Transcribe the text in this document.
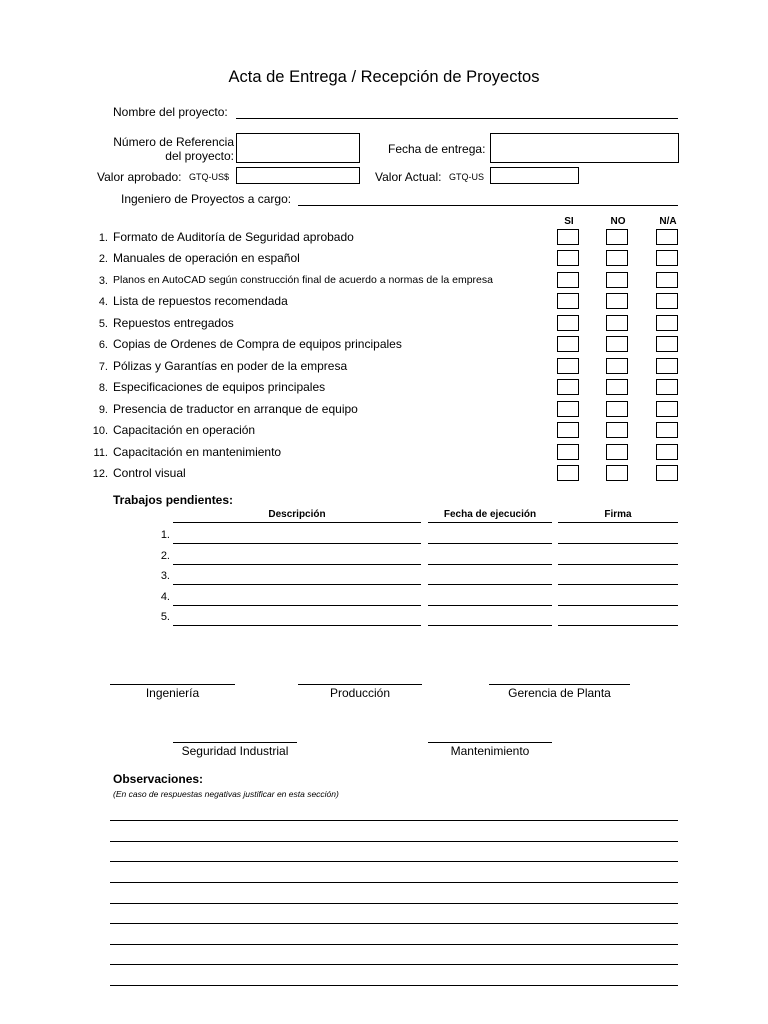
Acta de Entrega / Recepción de Proyectos
Nombre del proyecto:
Número de Referencia
del proyecto:	Fecha de entrega:
Valor aprobado: GTQ-US$	Valor Actual: GTQ-US
Ingeniero de Proyectos a cargo:
SI	NO	N/A
1. Formato de Auditoría de Seguridad aprobado
2. Manuales de operación en español
3. Planos en AutoCAD según construcción final de acuerdo a normas de la empresa
4. Lista de repuestos recomendada
5. Repuestos entregados
6. Copias de Ordenes de Compra de equipos principales
7. Pólizas y Garantías en poder de la empresa
8. Especificaciones de equipos principales
9. Presencia de traductor en arranque de equipo
10. Capacitación en operación
11. Capacitación en mantenimiento
12. Control visual
Trabajos pendientes:
Descripción	Fecha de ejecución	Firma
1.
2.
3.
4.
5.
Ingeniería	Producción	Gerencia de Planta
Seguridad Industrial	Mantenimiento
Observaciones:
(En caso de respuestas negativas justificar en esta sección)
